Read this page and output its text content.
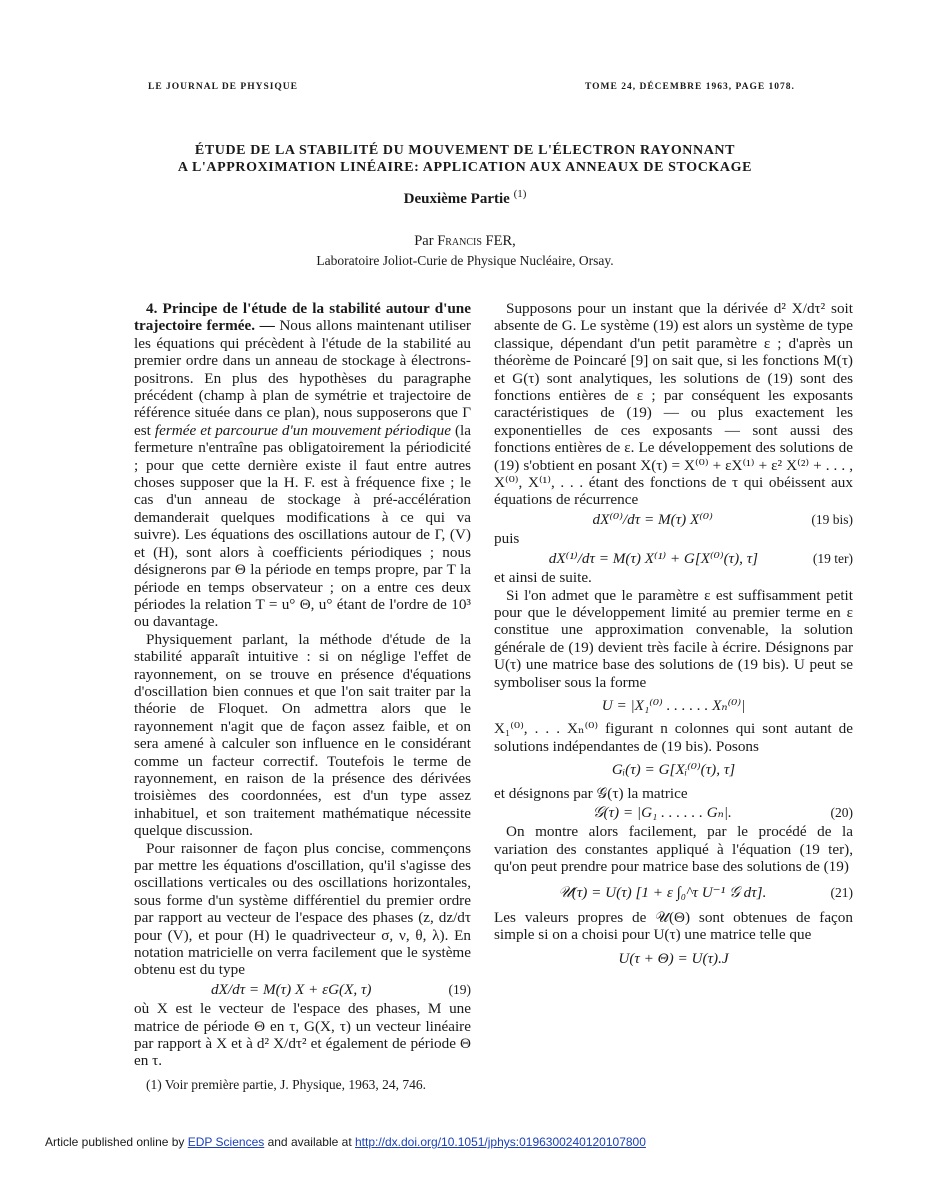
LE JOURNAL DE PHYSIQUE	TOME 24, DÉCEMBRE 1963, PAGE 1078.
ÉTUDE DE LA STABILITÉ DU MOUVEMENT DE L'ÉLECTRON RAYONNANT
A L'APPROXIMATION LINÉAIRE: APPLICATION AUX ANNEAUX DE STOCKAGE
Deuxième Partie $^{(1)}$
Par Francis FER,
Laboratoire Joliot-Curie de Physique Nucléaire, Orsay.

4. Principe de l'étude de la stabilité autour d'une trajectoire fermée. — Nous allons maintenant utiliser les équations qui précèdent à l'étude de la stabilité au premier ordre dans un anneau de stockage à électrons-positrons. En plus des hypothèses du paragraphe précédent (champ à plan de symétrie et trajectoire de référence située dans ce plan), nous supposerons que Γ est fermée et parcourue d'un mouvement périodique (la fermeture n'entraîne pas obligatoirement la périodicité ; pour que cette dernière existe il faut entre autres choses supposer que la H. F. est à fréquence fixe ; le cas d'un anneau de stockage à pré-accélération demanderait quelques modifications à ce qui va suivre). Les équations des oscillations autour de Γ, (V) et (H), sont alors à coefficients périodiques ; nous désignerons par Θ la période en temps propre, par T la période en temps observateur ; on a entre ces deux périodes la relation T = u° Θ, u° étant de l'ordre de 10³ ou davantage.

Physiquement parlant, la méthode d'étude de la stabilité apparaît intuitive : si on néglige l'effet de rayonnement, on se trouve en présence d'équations d'oscillation bien connues et que l'on sait traiter par la théorie de Floquet. On admettra alors que le rayonnement n'agit que de façon assez faible, et on sera amené à calculer son influence en le considérant comme un facteur correctif. Toutefois le terme de rayonnement, en raison de la présence des dérivées troisièmes des coordonnées, est d'un type assez inhabituel, et son traitement mathématique nécessite quelque discussion.

Pour raisonner de façon plus concise, commençons par mettre les équations d'oscillation, qu'il s'agisse des oscillations verticales ou des oscillations horizontales, sous forme d'un système différentiel du premier ordre par rapport au vecteur de l'espace des phases (z, dz/dτ pour (V), et pour (H) le quadrivecteur σ, ν, θ, λ). En notation matricielle on verra facilement que le système obtenu est du type

dX/dτ = M(τ) X + εG(X, τ)	(19)

où X est le vecteur de l'espace des phases, M une matrice de période Θ en τ, G(X, τ) un vecteur linéaire par rapport à X et à d² X/dτ² et également de période Θ en τ.

(1) Voir première partie, J. Physique, 1963, 24, 746.

Supposons pour un instant que la dérivée d² X/dτ² soit absente de G. Le système (19) est alors un système de type classique, dépendant d'un petit paramètre ε ; d'après un théorème de Poincaré [9] on sait que, si les fonctions M(τ) et G(τ) sont analytiques, les solutions de (19) sont des fonctions entières de ε ; par conséquent les exposants caractéristiques de (19) — ou plus exactement les exponentielles de ces exposants — sont aussi des fonctions entières de ε. Le développement des solutions de (19) s'obtient en posant X(τ) = X⁽⁰⁾ + εX⁽¹⁾ + ε² X⁽²⁾ + . . . , X⁽⁰⁾, X⁽¹⁾, . . . étant des fonctions de τ qui obéissent aux équations de récurrence

dX⁽⁰⁾/dτ = M(τ) X⁽⁰⁾	(19 bis)

puis

dX⁽¹⁾/dτ = M(τ) X⁽¹⁾ + G[X⁽⁰⁾(τ), τ]	(19 ter)

et ainsi de suite.

Si l'on admet que le paramètre ε est suffisamment petit pour que le développement limité au premier terme en ε constitue une approximation convenable, la solution générale de (19) devient très facile à écrire. Désignons par U(τ) une matrice base des solutions de (19 bis). U peut se symboliser sous la forme

U = |X₁⁽⁰⁾ . . . . . . Xₙ⁽⁰⁾|

X₁⁽⁰⁾, . . . Xₙ⁽⁰⁾ figurant n colonnes qui sont autant de solutions indépendantes de (19 bis). Posons

Gᵢ(τ) = G[Xᵢ⁽⁰⁾(τ), τ]

et désignons par 𝒢(τ) la matrice

𝒢(τ) = |G₁ . . . . . . Gₙ|.	(20)

On montre alors facilement, par le procédé de la variation des constantes appliqué à l'équation (19 ter), qu'on peut prendre pour matrice base des solutions de (19)

𝒰(τ) = U(τ) [1 + ε ∫₀^τ U⁻¹ 𝒢 dτ].	(21)

Les valeurs propres de 𝒰(Θ) sont obtenues de façon simple si on a choisi pour U(τ) une matrice telle que

U(τ + Θ) = U(τ).J
Article published online by EDP Sciences and available at http://dx.doi.org/10.1051/jphys:0196300240120107800
